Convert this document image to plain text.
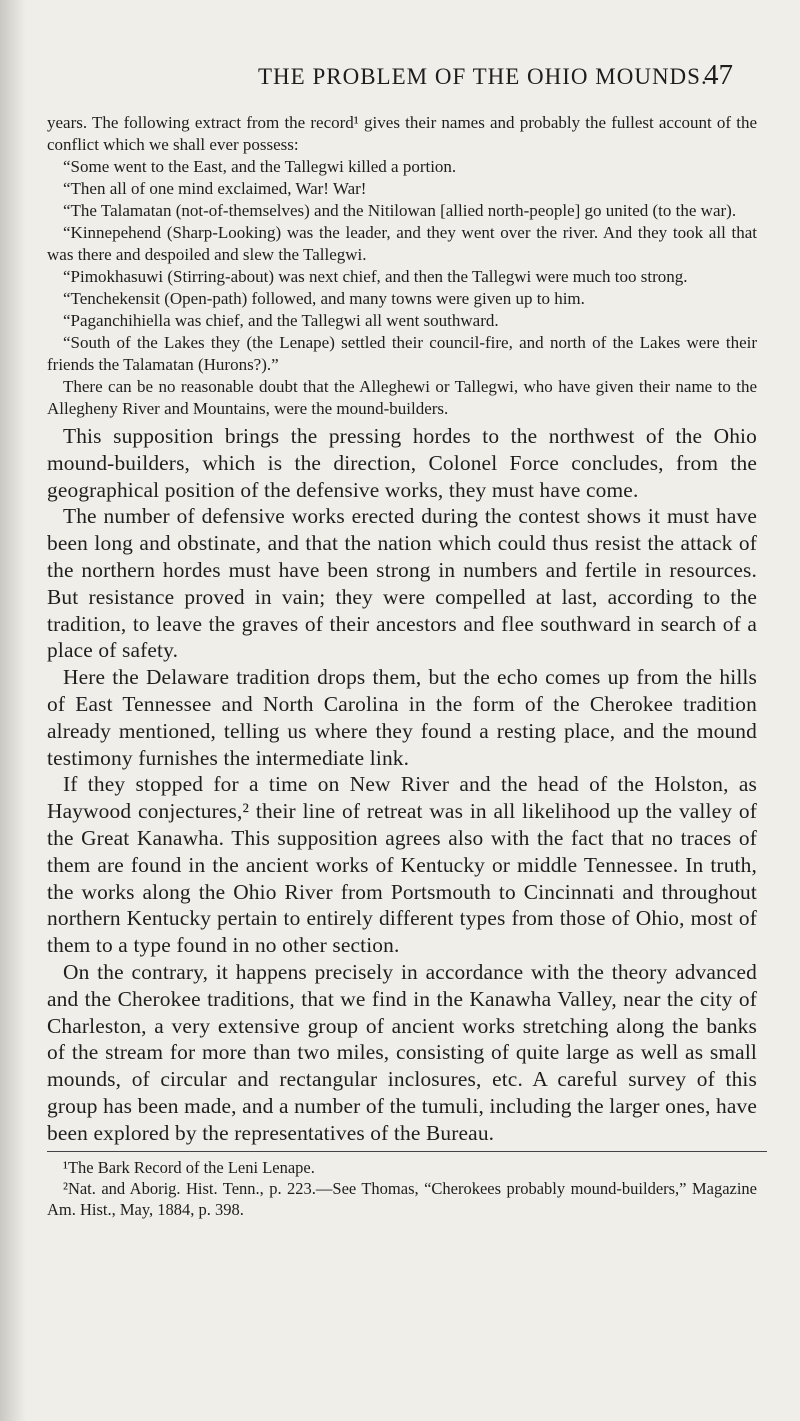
THE PROBLEM OF THE OHIO MOUNDS.
47

years. The following extract from the record¹ gives their names and probably the fullest account of the conflict which we shall ever possess:

“Some went to the East, and the Tallegwi killed a portion.

“Then all of one mind exclaimed, War! War!

“The Talamatan (not-of-themselves) and the Nitilowan [allied north-people] go united (to the war).

“Kinnepehend (Sharp-Looking) was the leader, and they went over the river. And they took all that was there and despoiled and slew the Tallegwi.

“Pimokhasuwi (Stirring-about) was next chief, and then the Tallegwi were much too strong.

“Tenchekensit (Open-path) followed, and many towns were given up to him.

“Paganchihiella was chief, and the Tallegwi all went southward.

“South of the Lakes they (the Lenape) settled their council-fire, and north of the Lakes were their friends the Talamatan (Hurons?).”

There can be no reasonable doubt that the Alleghewi or Tallegwi, who have given their name to the Allegheny River and Mountains, were the mound-builders.

This supposition brings the pressing hordes to the northwest of the Ohio mound-builders, which is the direction, Colonel Force concludes, from the geographical position of the defensive works, they must have come.

The number of defensive works erected during the contest shows it must have been long and obstinate, and that the nation which could thus resist the attack of the northern hordes must have been strong in numbers and fertile in resources. But resistance proved in vain; they were compelled at last, according to the tradition, to leave the graves of their ancestors and flee southward in search of a place of safety.

Here the Delaware tradition drops them, but the echo comes up from the hills of East Tennessee and North Carolina in the form of the Cherokee tradition already mentioned, telling us where they found a resting place, and the mound testimony furnishes the intermediate link.

If they stopped for a time on New River and the head of the Holston, as Haywood conjectures,² their line of retreat was in all likelihood up the valley of the Great Kanawha. This supposition agrees also with the fact that no traces of them are found in the ancient works of Kentucky or middle Tennessee. In truth, the works along the Ohio River from Portsmouth to Cincinnati and throughout northern Kentucky pertain to entirely different types from those of Ohio, most of them to a type found in no other section.

On the contrary, it happens precisely in accordance with the theory advanced and the Cherokee traditions, that we find in the Kanawha Valley, near the city of Charleston, a very extensive group of ancient works stretching along the banks of the stream for more than two miles, consisting of quite large as well as small mounds, of circular and rectangular inclosures, etc. A careful survey of this group has been made, and a number of the tumuli, including the larger ones, have been explored by the representatives of the Bureau.

¹The Bark Record of the Leni Lenape.

²Nat. and Aborig. Hist. Tenn., p. 223.—See Thomas, “Cherokees probably mound-builders,” Magazine Am. Hist., May, 1884, p. 398.
